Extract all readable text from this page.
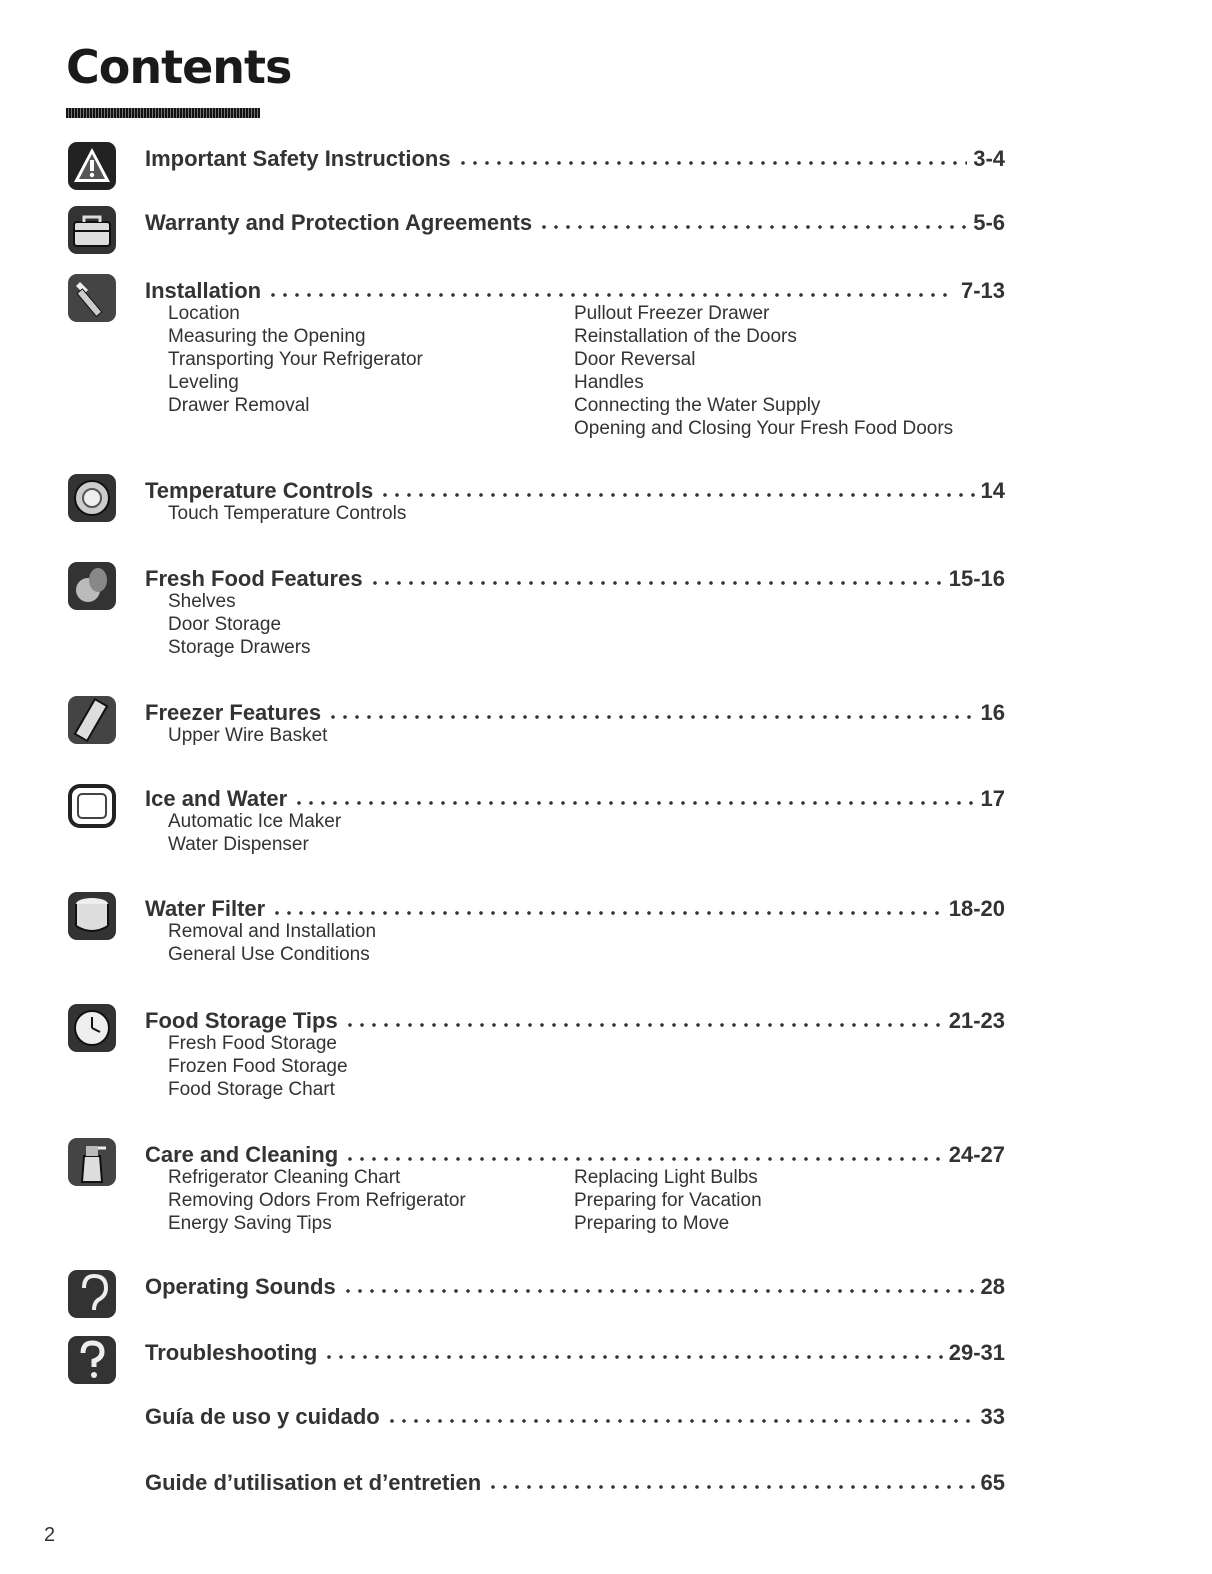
Contents
Important Safety Instructions	3-4
Warranty and Protection Agreements	5-6
Installation	7-13
Location
Measuring the Opening
Transporting Your Refrigerator
Leveling
Drawer Removal
Pullout Freezer Drawer
Reinstallation of the Doors
Door Reversal
Handles
Connecting the Water Supply
Opening and Closing Your Fresh Food Doors
Temperature Controls	14
Touch Temperature Controls
Fresh Food Features	15-16
Shelves
Door Storage
Storage Drawers
Freezer Features	16
Upper Wire Basket
Ice and Water	17
Automatic Ice Maker
Water Dispenser
Water Filter	18-20
Removal and Installation
General Use Conditions
Food Storage Tips	21-23
Fresh Food Storage
Frozen Food Storage
Food Storage Chart
Care and Cleaning	24-27
Refrigerator Cleaning Chart
Removing Odors From Refrigerator
Energy Saving Tips
Replacing Light Bulbs
Preparing for Vacation
Preparing to Move
Operating Sounds	28
Troubleshooting	29-31
Guía de uso y cuidado	33
Guide d’utilisation et d’entretien	65
2
